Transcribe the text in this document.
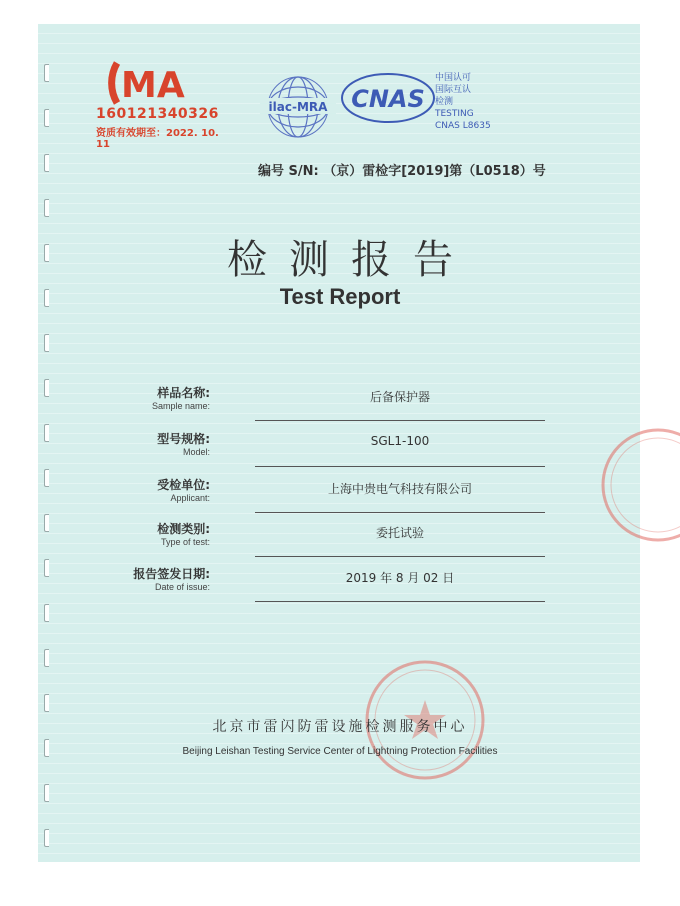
MA
160121340326
资质有效期至：2022. 10. 11
ilac-MRA CNAS
中国认可
国际互认
检测
TESTING
CNAS L8635
编号 S/N: （京）雷检字[2019]第（L0518）号
检测报告
Test Report
样品名称:
Sample name:
后备保护器
型号规格:
Model:
SGL1-100
受检单位:
Applicant:
上海中贵电气科技有限公司
检测类别:
Type of test:
委托试验
报告签发日期:
Date of issue:
2019 年 8 月 02 日
北京市雷闪防雷设施检测服务中心
Beijing Leishan Testing Service Center of Lightning Protection Facilities
